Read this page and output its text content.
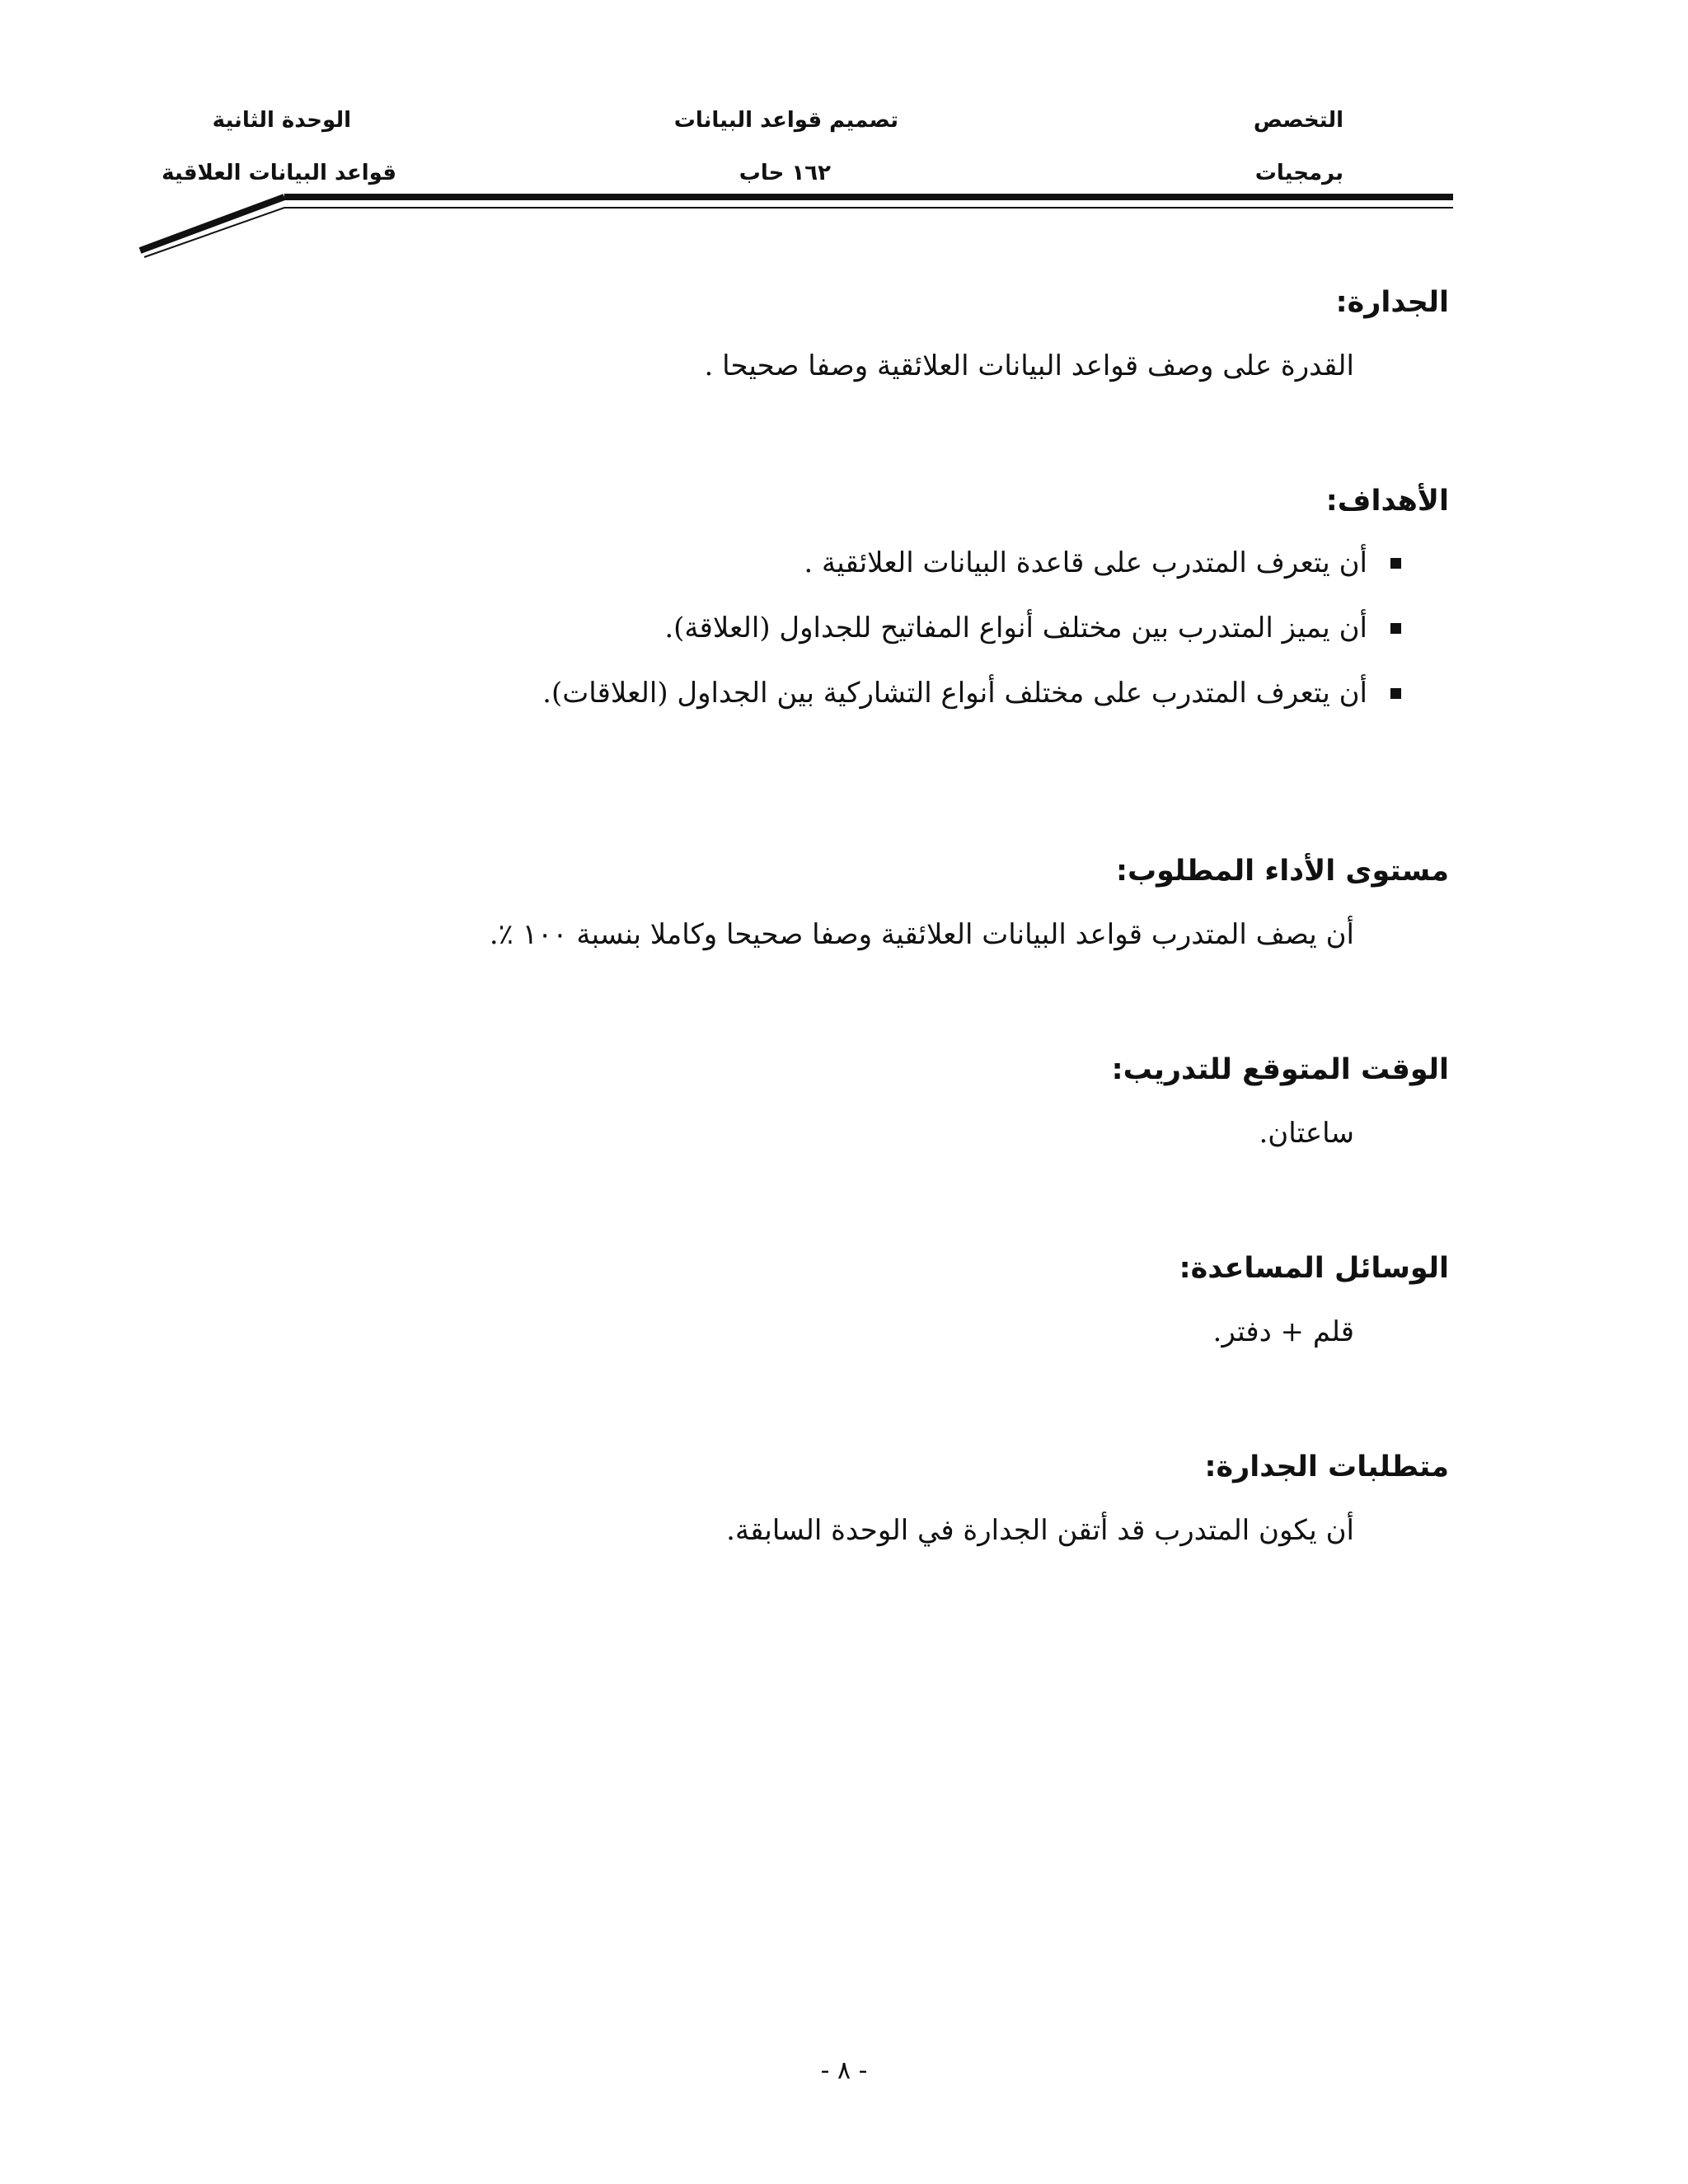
التخصص
برمجيات
تصميم قواعد البيانات
١٦٢ حاب
الوحدة الثانية
قواعد البيانات العلاقية
الجدارة:
القدرة على وصف قواعد البيانات العلائقية وصفا صحيحا .
الأهداف:
أن يتعرف المتدرب على قاعدة البيانات العلائقية .
أن يميز المتدرب بين مختلف أنواع المفاتيح للجداول (العلاقة).
أن يتعرف المتدرب على مختلف أنواع التشاركية بين الجداول (العلاقات).
مستوى الأداء المطلوب:
أن يصف المتدرب قواعد البيانات العلائقية وصفا صحيحا وكاملا بنسبة ١٠٠ ٪.
الوقت المتوقع للتدريب:
ساعتان.
الوسائل المساعدة:
قلم + دفتر.
متطلبات الجدارة:
أن يكون المتدرب قد أتقن الجدارة في الوحدة السابقة.
- ٨ -
